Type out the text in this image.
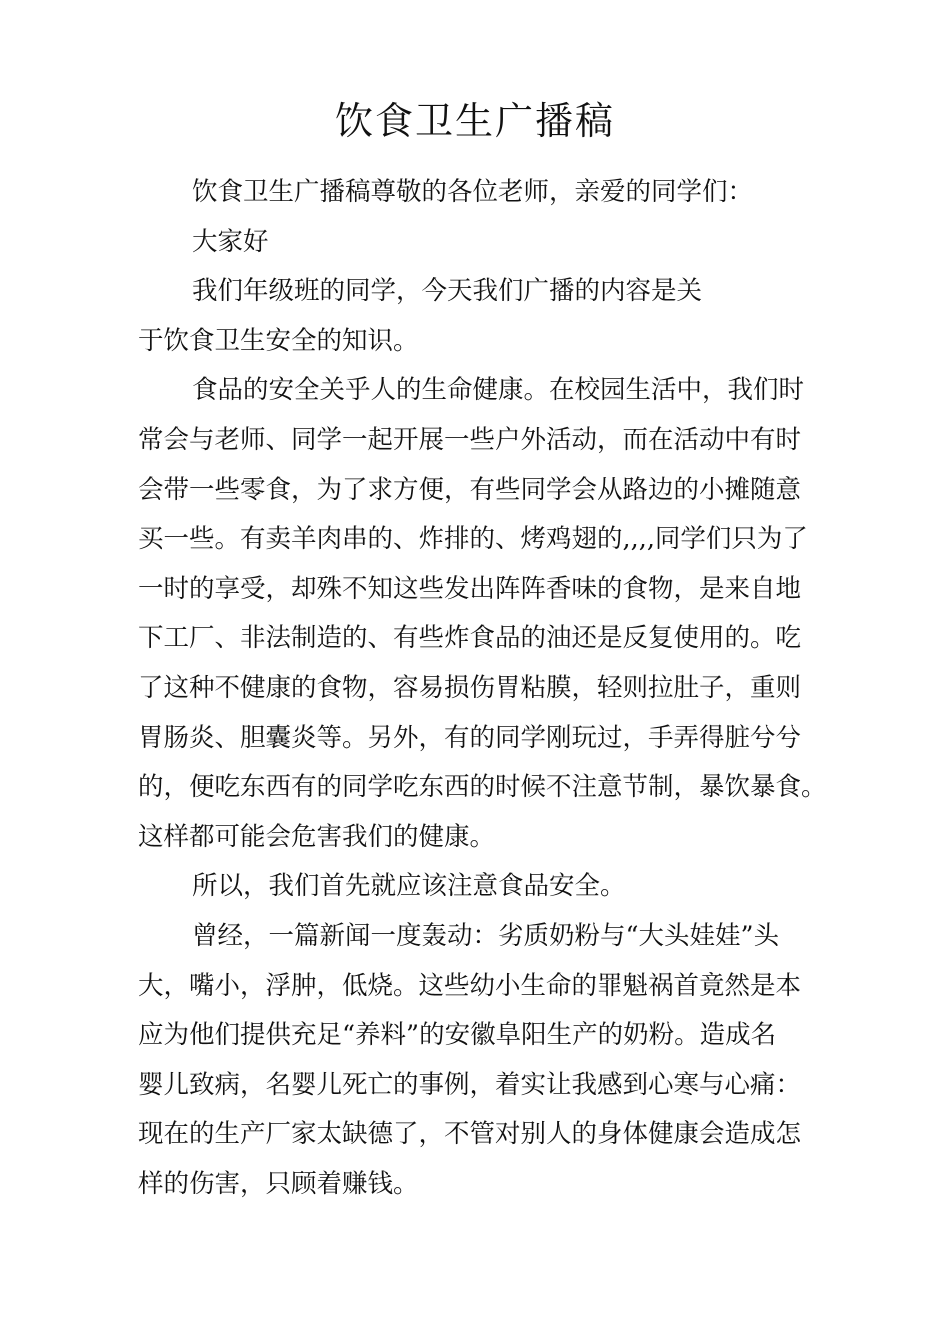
饮食卫生广播稿
饮食卫生广播稿尊敬的各位老师，亲爱的同学们：
大家好
我们年级班的同学，今天我们广播的内容是关
于饮食卫生安全的知识。
食品的安全关乎人的生命健康。在校园生活中，我们时
常会与老师、同学一起开展一些户外活动，而在活动中有时
会带一些零食，为了求方便，有些同学会从路边的小摊随意
买一些。有卖羊肉串的、炸排的、烤鸡翅的,,,,同学们只为了
一时的享受，却殊不知这些发出阵阵香味的食物，是来自地
下工厂、非法制造的、有些炸食品的油还是反复使用的。吃
了这种不健康的食物，容易损伤胃粘膜，轻则拉肚子，重则
胃肠炎、胆囊炎等。另外，有的同学刚玩过，手弄得脏兮兮
的，便吃东西有的同学吃东西的时候不注意节制，暴饮暴食。
这样都可能会危害我们的健康。
所以，我们首先就应该注意食品安全。
曾经，一篇新闻一度轰动：劣质奶粉与“大头娃娃”头
大，嘴小，浮肿，低烧。这些幼小生命的罪魁祸首竟然是本
应为他们提供充足“养料”的安徽阜阳生产的奶粉。造成名
婴儿致病，名婴儿死亡的事例，着实让我感到心寒与心痛：
现在的生产厂家太缺德了，不管对别人的身体健康会造成怎
样的伤害，只顾着赚钱。
